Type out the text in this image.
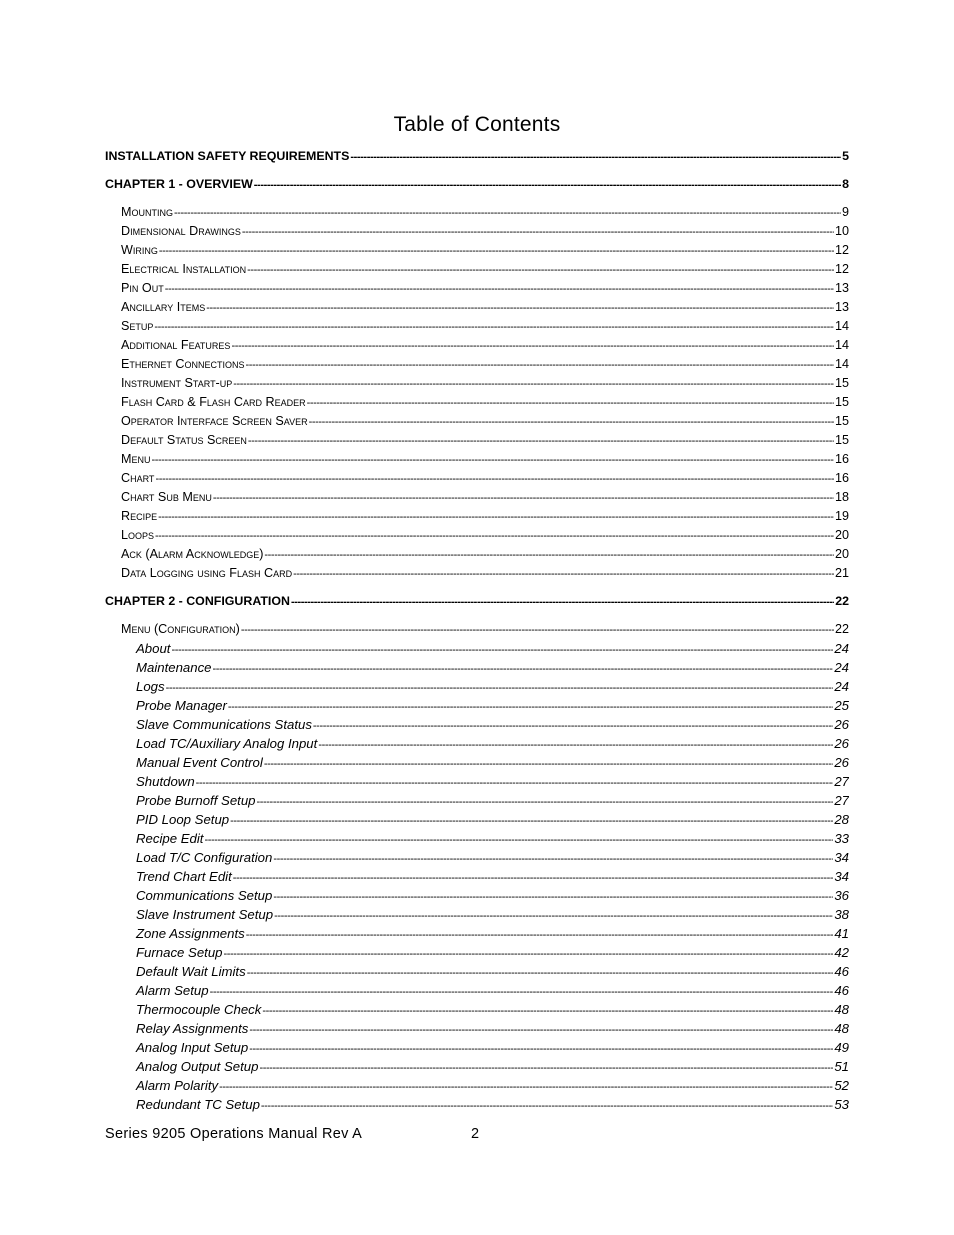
Table of Contents
INSTALLATION SAFETY REQUIREMENTS -----	5
CHAPTER 1 - OVERVIEW -----	8
Mounting -----	9
Dimensional Drawings -----	10
Wiring -----	12
Electrical Installation -----	12
Pin Out -----	13
Ancillary Items -----	13
Setup -----	14
Additional Features -----	14
Ethernet Connections -----	14
Instrument Start-up -----	15
Flash Card & Flash Card Reader -----	15
Operator Interface Screen Saver -----	15
Default Status Screen -----	15
Menu -----	16
Chart -----	16
Chart Sub Menu -----	18
Recipe -----	19
Loops -----	20
Ack (Alarm Acknowledge) -----	20
Data Logging using Flash Card -----	21
CHAPTER 2 - CONFIGURATION -----	22
Menu (Configuration) -----	22
About -----	24
Maintenance -----	24
Logs -----	24
Probe Manager -----	25
Slave Communications Status -----	26
Load TC/Auxiliary Analog Input -----	26
Manual Event Control -----	26
Shutdown -----	27
Probe Burnoff Setup -----	27
PID Loop Setup -----	28
Recipe Edit -----	33
Load T/C Configuration -----	34
Trend Chart Edit -----	34
Communications Setup -----	36
Slave Instrument Setup -----	38
Zone Assignments -----	41
Furnace Setup -----	42
Default Wait Limits -----	46
Alarm Setup -----	46
Thermocouple Check -----	48
Relay Assignments -----	48
Analog Input Setup -----	49
Analog Output Setup -----	51
Alarm Polarity -----	52
Redundant TC Setup -----	53
Series 9205 Operations Manual Rev A	2
